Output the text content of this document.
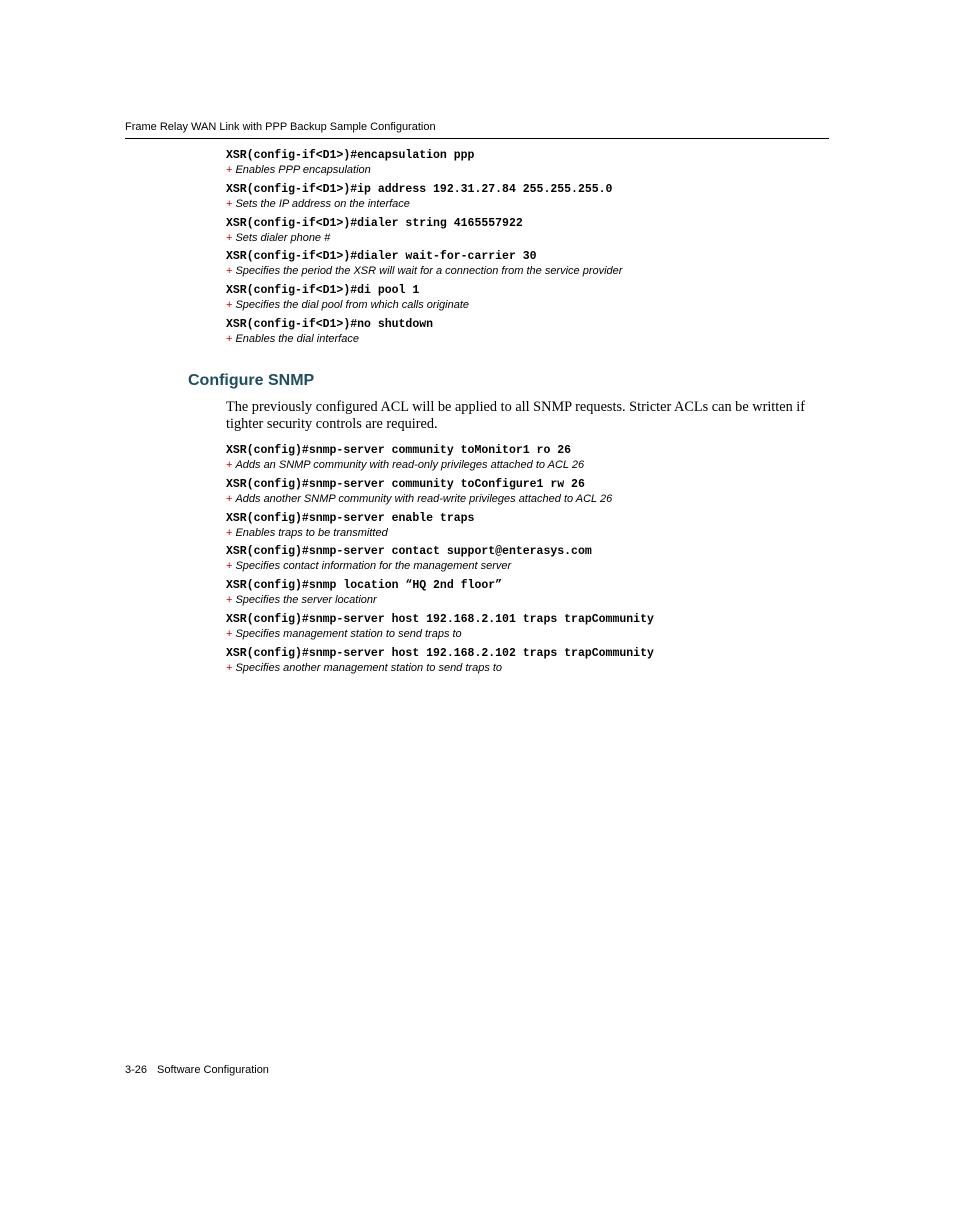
Frame Relay WAN Link with PPP Backup Sample Configuration
XSR(config-if<D1>)#encapsulation ppp
+ Enables PPP encapsulation
XSR(config-if<D1>)#ip address 192.31.27.84 255.255.255.0
+ Sets the IP address on the interface
XSR(config-if<D1>)#dialer string 4165557922
+ Sets dialer phone #
XSR(config-if<D1>)#dialer wait-for-carrier 30
+ Specifies the period the XSR will wait for a connection from the service provider
XSR(config-if<D1>)#di pool 1
+ Specifies the dial pool from which calls originate
XSR(config-if<D1>)#no shutdown
+ Enables the dial interface
Configure SNMP
The previously configured ACL will be applied to all SNMP requests. Stricter ACLs can be written if tighter security controls are required.
XSR(config)#snmp-server community toMonitor1 ro 26
+ Adds an SNMP community with read-only privileges attached to ACL 26
XSR(config)#snmp-server community toConfigure1 rw 26
+ Adds another SNMP community with read-write privileges attached to ACL 26
XSR(config)#snmp-server enable traps
+ Enables traps to be transmitted
XSR(config)#snmp-server contact support@enterasys.com
+ Specifies contact information for the management server
XSR(config)#snmp location “HQ 2nd floor”
+ Specifies the server locationr
XSR(config)#snmp-server host 192.168.2.101 traps trapCommunity
+ Specifies management station to send traps to
XSR(config)#snmp-server host 192.168.2.102 traps trapCommunity
+ Specifies another management station to send traps to
3-26 Software Configuration
